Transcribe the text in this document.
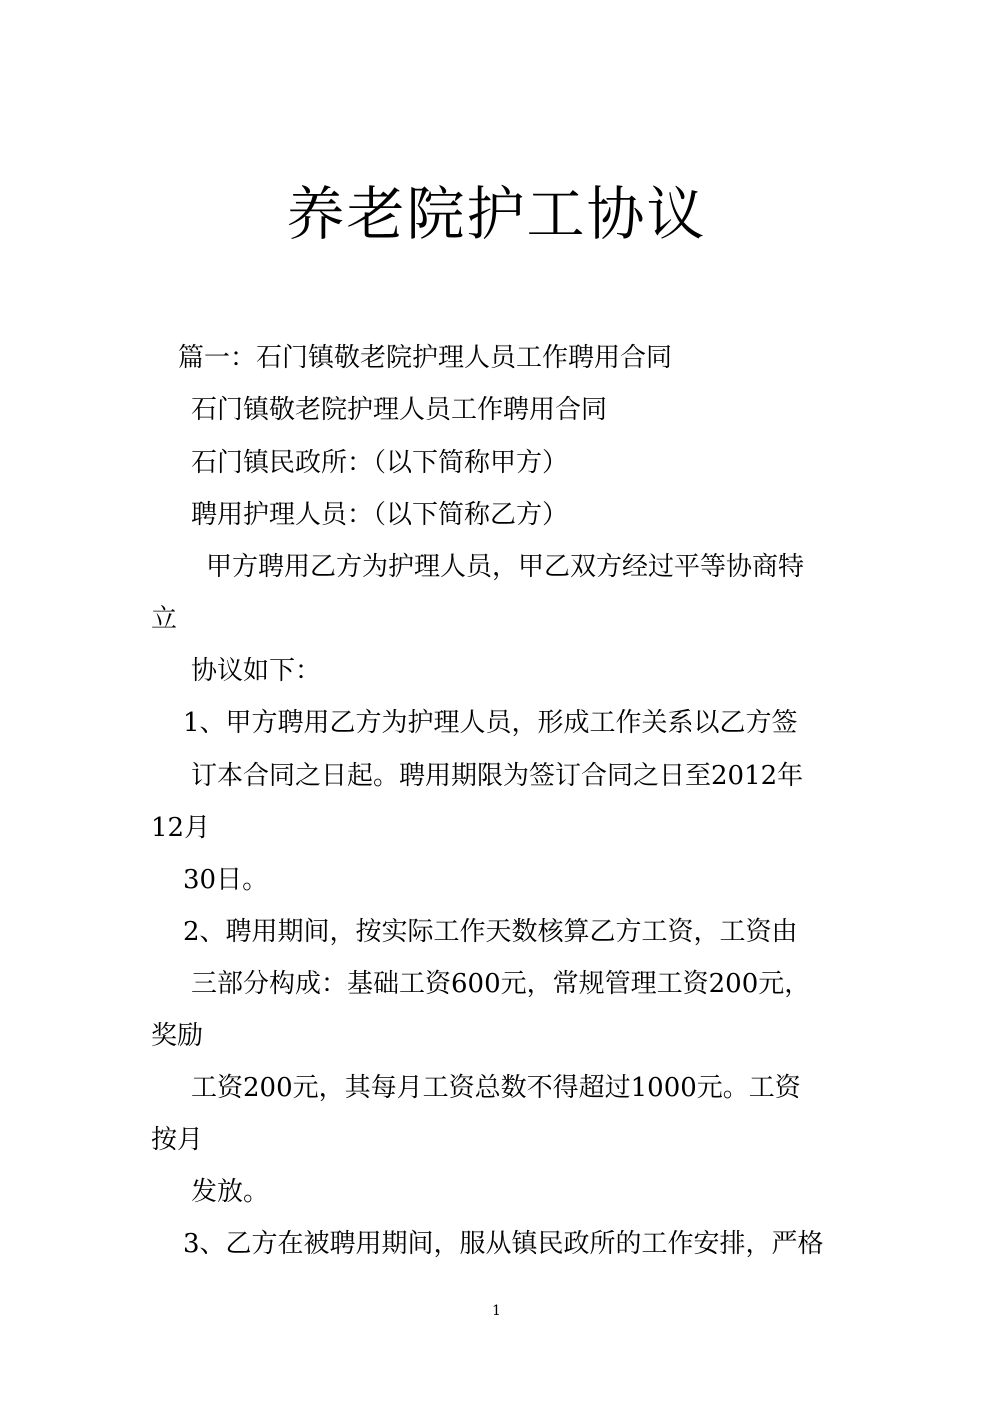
养老院护工协议
篇一：石门镇敬老院护理人员工作聘用合同
石门镇敬老院护理人员工作聘用合同
石门镇民政所：（以下简称甲方）
聘用护理人员：（以下简称乙方）
甲方聘用乙方为护理人员，甲乙双方经过平等协商特
立
协议如下：
1、甲方聘用乙方为护理人员，形成工作关系以乙方签
订本合同之日起。聘用期限为签订合同之日至2012年
12月
30日。
2、聘用期间，按实际工作天数核算乙方工资，工资由
三部分构成：基础工资600元，常规管理工资200元，
奖励
工资200元，其每月工资总数不得超过1000元。工资
按月
发放。
3、乙方在被聘用期间，服从镇民政所的工作安排，严格
1
